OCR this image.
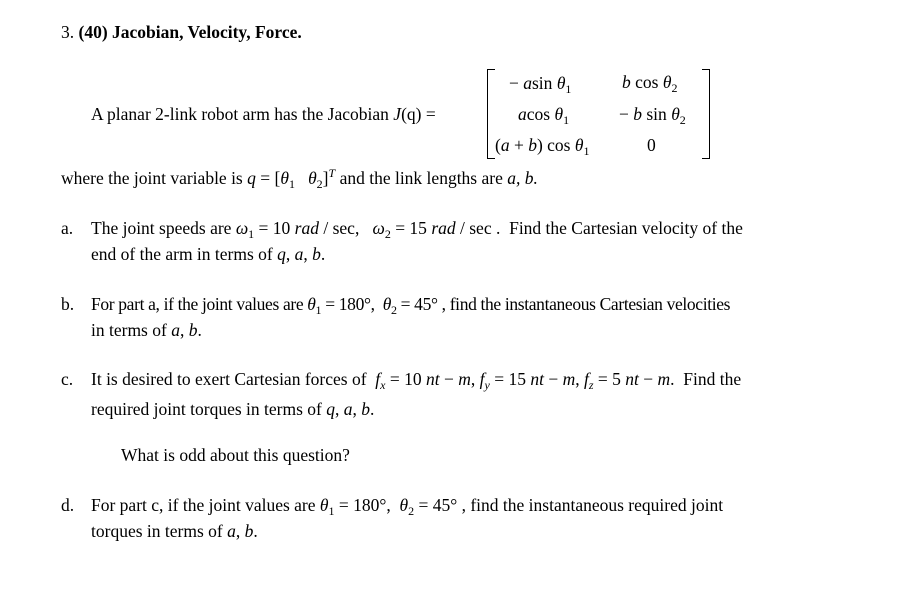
3. (40) Jacobian, Velocity, Force.
A planar 2-link robot arm has the Jacobian J(q) =
− asin $\theta_1$	b $\cos \theta_2$
acos $\theta_1$	− b $\sin \theta_2$
(a + b) $\cos \theta_1$	0
where the joint variable is $q = [\theta_1$ $\theta_2]^T$ and the link lengths are a, b.
a. The joint speeds are $\omega_1 = 10$ rad / sec,   $\omega_2 = 15$ rad / sec .  Find the Cartesian velocity of the
end of the arm in terms of q, a, b.
b. For part a, if the joint values are $\theta_1 = 180^\circ$,  $\theta_2 = 45^\circ$ , find the instantaneous Cartesian velocities
in terms of a, b.
c. It is desired to exert Cartesian forces of  $f_x = 10$ nt − m, $f_y = 15$ nt − m, $f_z = 5$ nt − m.  Find the
required joint torques in terms of q, a, b.
What is odd about this question?
d. For part c, if the joint values are $\theta_1 = 180^\circ$,  $\theta_2 = 45^\circ$ , find the instantaneous required joint
torques in terms of a, b.
